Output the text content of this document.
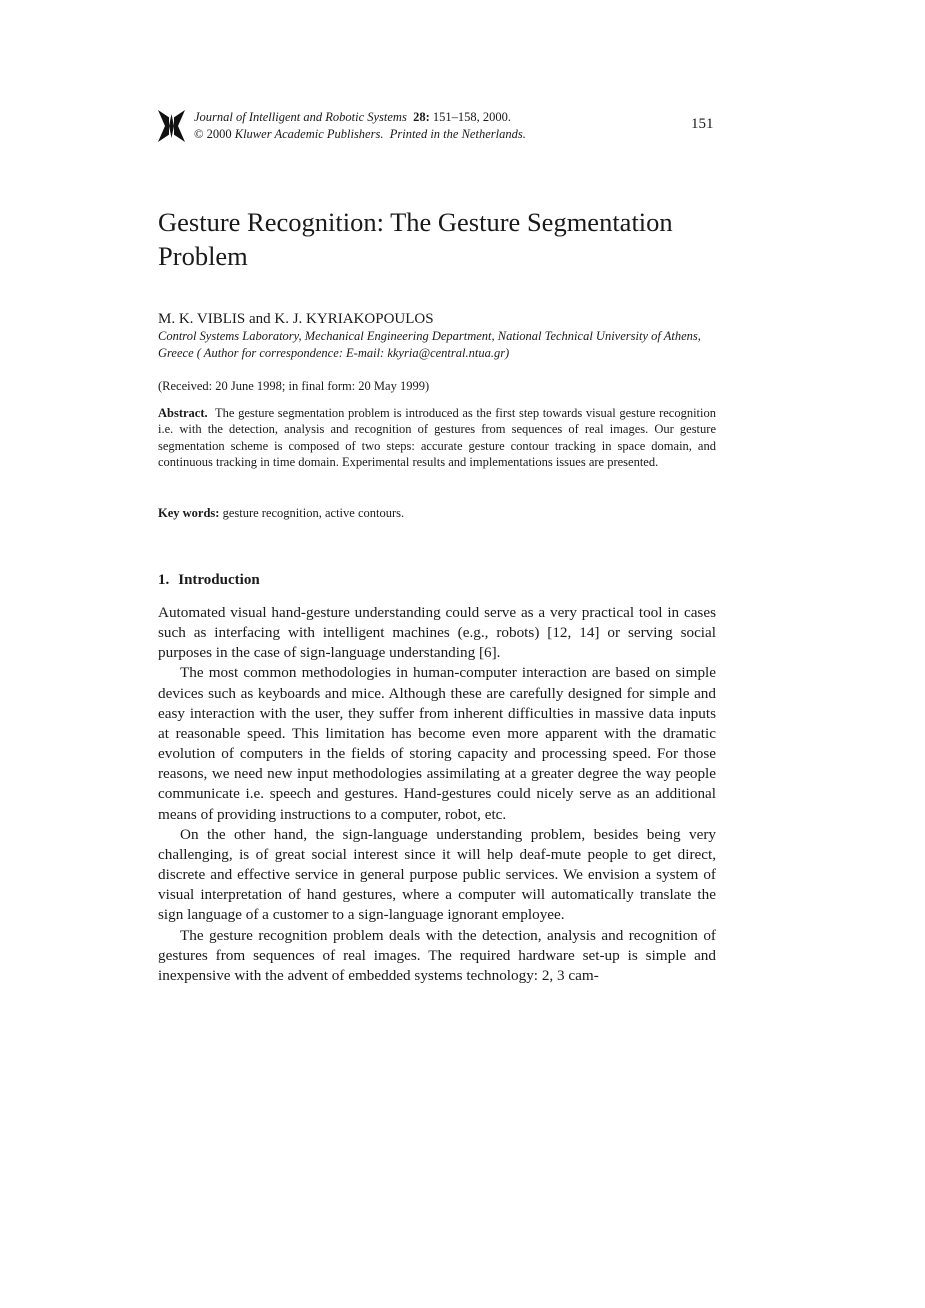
Journal of Intelligent and Robotic Systems 28: 151–158, 2000.
© 2000 Kluwer Academic Publishers. Printed in the Netherlands.
151
Gesture Recognition: The Gesture Segmentation Problem
M. K. VIBLIS and K. J. KYRIAKOPOULOS
Control Systems Laboratory, Mechanical Engineering Department, National Technical University of Athens, Greece ( Author for correspondence: E-mail: kkyria@central.ntua.gr)
(Received: 20 June 1998; in final form: 20 May 1999)
Abstract. The gesture segmentation problem is introduced as the first step towards visual gesture recognition i.e. with the detection, analysis and recognition of gestures from sequences of real images. Our gesture segmentation scheme is composed of two steps: accurate gesture contour tracking in space domain, and continuous tracking in time domain. Experimental results and implementations issues are presented.
Key words: gesture recognition, active contours.
1. Introduction

Automated visual hand-gesture understanding could serve as a very practical tool in cases such as interfacing with intelligent machines (e.g., robots) [12, 14] or serving social purposes in the case of sign-language understanding [6].

The most common methodologies in human-computer interaction are based on simple devices such as keyboards and mice. Although these are carefully designed for simple and easy interaction with the user, they suffer from inherent difficulties in massive data inputs at reasonable speed. This limitation has become even more apparent with the dramatic evolution of computers in the fields of storing capacity and processing speed. For those reasons, we need new input methodologies assimilating at a greater degree the way people communicate i.e. speech and gestures. Hand-gestures could nicely serve as an additional means of providing instructions to a computer, robot, etc.

On the other hand, the sign-language understanding problem, besides being very challenging, is of great social interest since it will help deaf-mute people to get direct, discrete and effective service in general purpose public services. We envision a system of visual interpretation of hand gestures, where a computer will automatically translate the sign language of a customer to a sign-language ignorant employee.

The gesture recognition problem deals with the detection, analysis and recognition of gestures from sequences of real images. The required hardware set-up is simple and inexpensive with the advent of embedded systems technology: 2, 3 cam-
